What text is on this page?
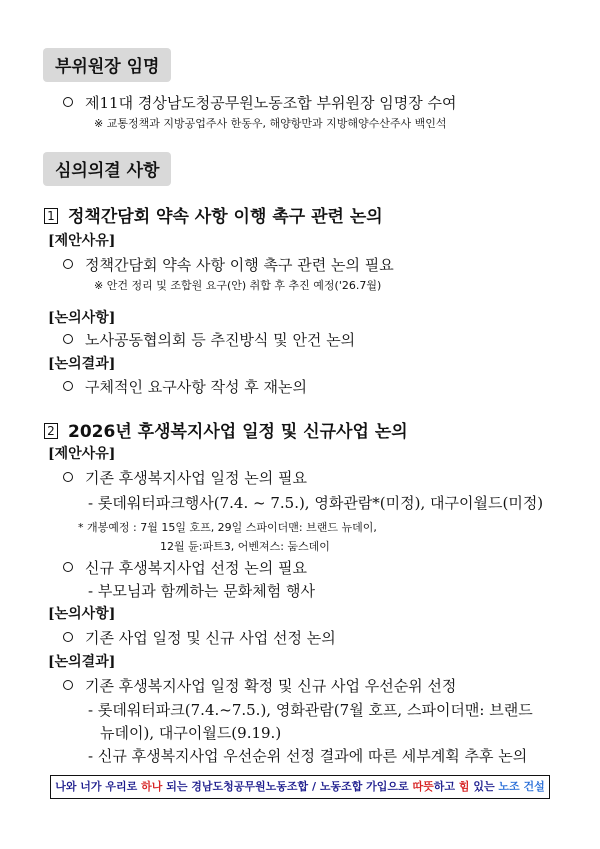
부위원장 임명
제11대 경상남도청공무원노동조합 부위원장 임명장 수여
※ 교통정책과 지방공업주사 한동우, 해양항만과 지방해양수산주사 백인석
심의의결 사항
1 정책간담회 약속 사항 이행 촉구 관련 논의
[제안사유]
정책간담회 약속 사항 이행 촉구 관련 논의 필요
※ 안건 정리 및 조합원 요구(안) 취합 후 추진 예정('26.7월)
[논의사항]
노사공동협의회 등 추진방식 및 안건 논의
[논의결과]
구체적인 요구사항 작성 후 재논의
2 2026년 후생복지사업 일정 및 신규사업 논의
[제안사유]
기존 후생복지사업 일정 논의 필요
- 롯데워터파크행사(7.4. ~ 7.5.), 영화관람*(미정), 대구이월드(미정)
* 개봉예정 : 7월 15일 호프, 29일 스파이더맨: 브랜드 뉴데이,
12월 듄:파트3, 어벤져스: 둠스데이
신규 후생복지사업 선정 논의 필요
- 부모님과 함께하는 문화체험 행사
[논의사항]
기존 사업 일정 및 신규 사업 선정 논의
[논의결과]
기존 후생복지사업 일정 확정 및 신규 사업 우선순위 선정
- 롯데워터파크(7.4.~7.5.), 영화관람(7월 호프, 스파이더맨: 브랜드
뉴데이), 대구이월드(9.19.)
- 신규 후생복지사업 우선순위 선정 결과에 따른 세부계획 추후 논의
나와 너가 우리로 하나 되는 경남도청공무원노동조합 / 노동조합 가입으로 따뜻하고 힘 있는 노조 건설
